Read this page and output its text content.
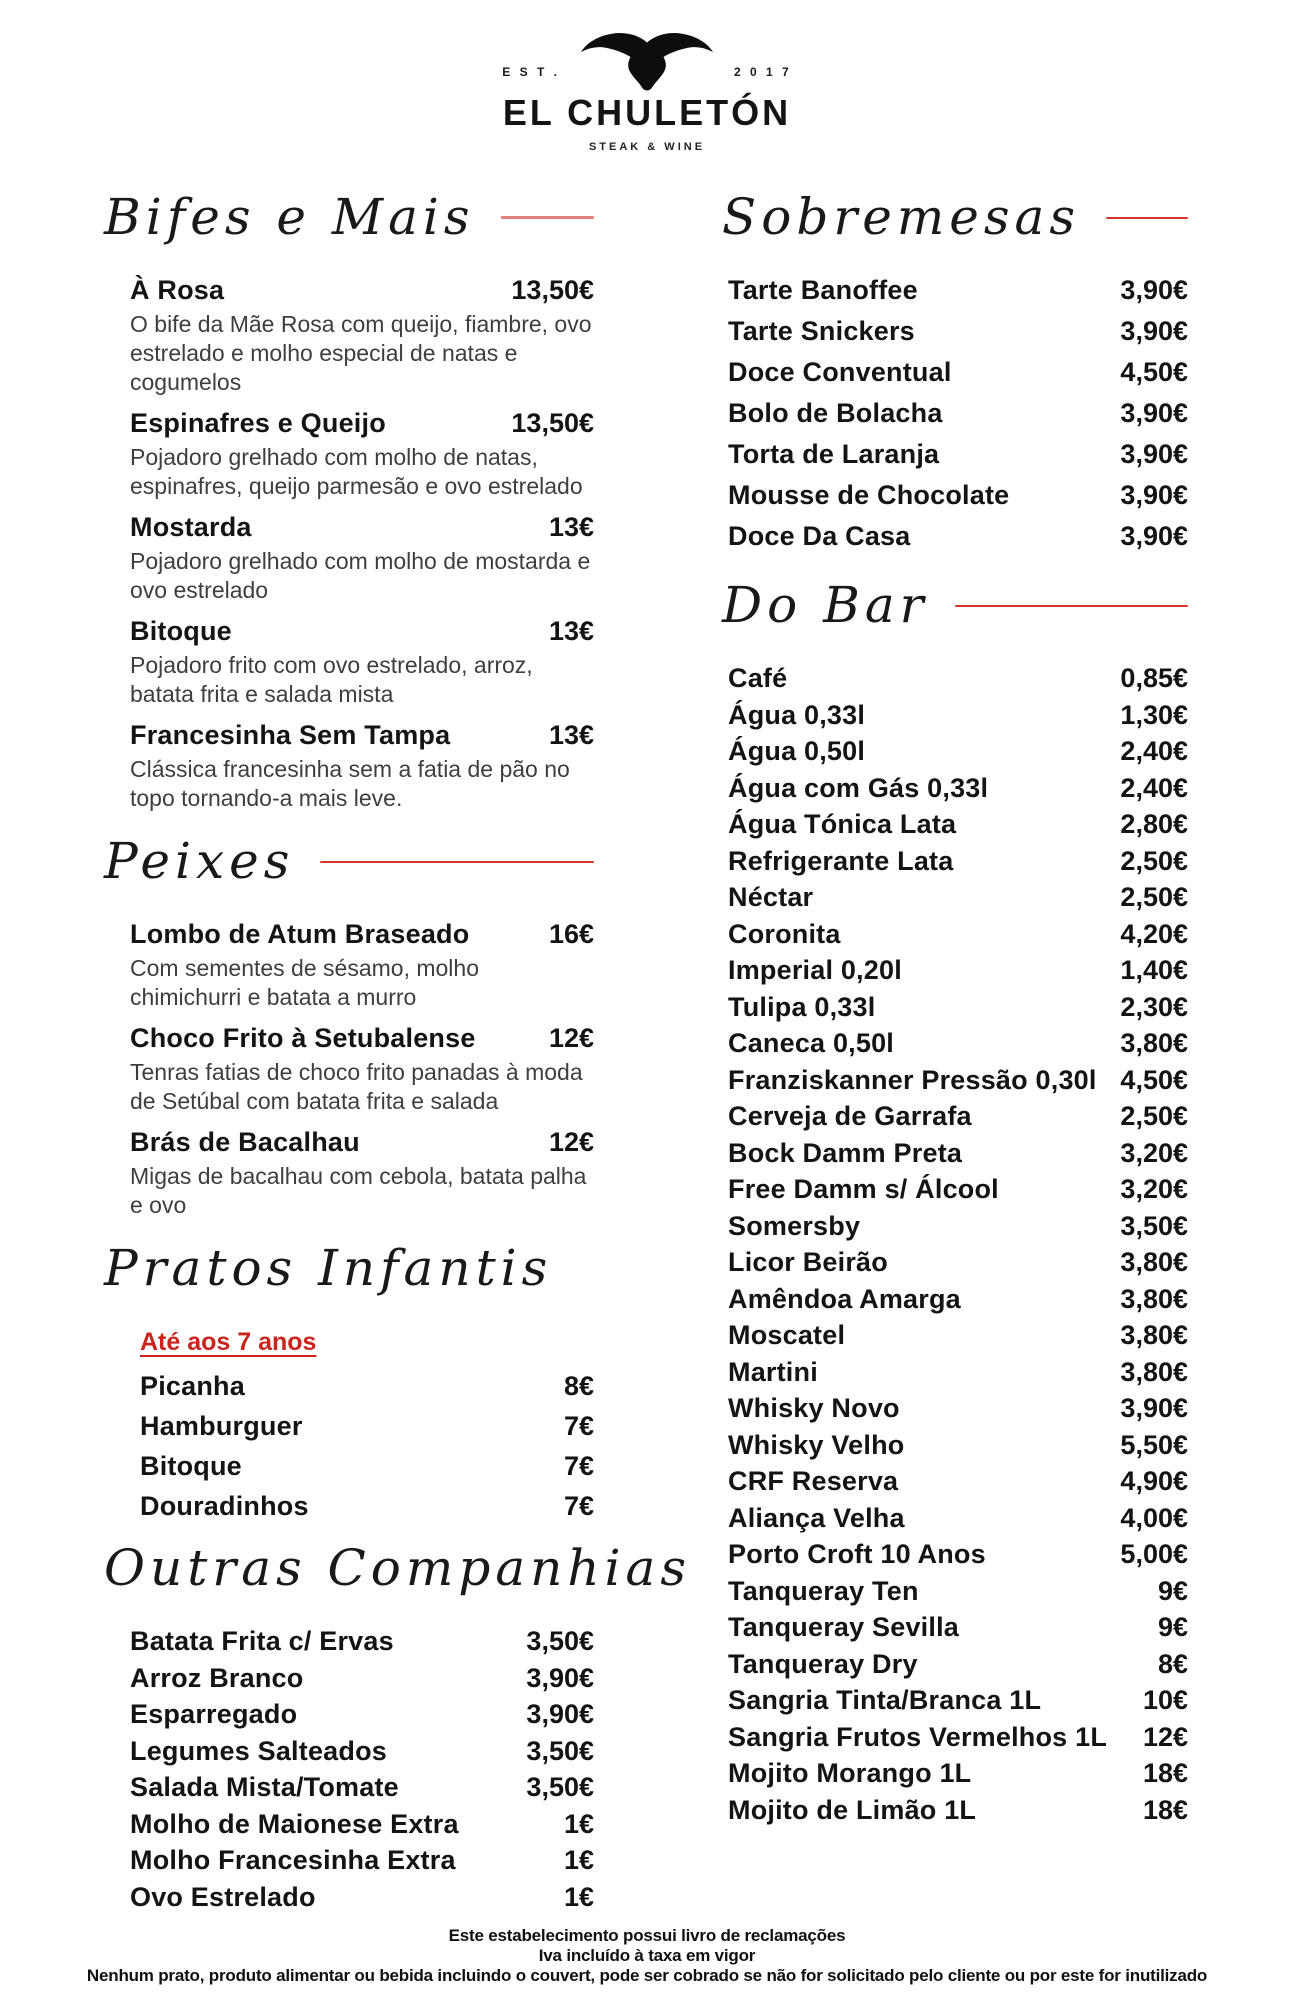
E S T .	2 0 1 7
EL CHULETÓN
STEAK & WINE
Bifes e Mais
À Rosa	13,50€

O bife da Mãe Rosa com queijo, fiambre, ovo estrelado e molho especial de natas e cogumelos

Espinafres e Queijo	13,50€

Pojadoro grelhado com molho de natas, espinafres, queijo parmesão e ovo estrelado

Mostarda	13€

Pojadoro grelhado com molho de mostarda e ovo estrelado

Bitoque	13€

Pojadoro frito com ovo estrelado, arroz, batata frita e salada mista

Francesinha Sem Tampa	13€

Clássica francesinha sem a fatia de pão no topo tornando-a mais leve.

Peixes
Lombo de Atum Braseado	16€

Com sementes de sésamo, molho chimichurri e batata a murro

Choco Frito à Setubalense	12€

Tenras fatias de choco frito panadas à moda de Setúbal com batata frita e salada

Brás de Bacalhau	12€

Migas de bacalhau com cebola, batata palha e ovo

Pratos Infantis
Até aos 7 anos
Picanha	8€
Hamburguer	7€
Bitoque	7€
Douradinhos	7€
Outras Companhias
Batata Frita c/ Ervas	3,50€
Arroz Branco	3,90€
Esparregado	3,90€
Legumes Salteados	3,50€
Salada Mista/Tomate	3,50€
Molho de Maionese Extra	1€
Molho Francesinha Extra	1€
Ovo Estrelado	1€
Sobremesas
Tarte Banoffee	3,90€
Tarte Snickers	3,90€
Doce Conventual	4,50€
Bolo de Bolacha	3,90€
Torta de Laranja	3,90€
Mousse de Chocolate	3,90€
Doce Da Casa	3,90€
Do Bar
Café	0,85€
Água 0,33l	1,30€
Água 0,50l	2,40€
Água com Gás 0,33l	2,40€
Água Tónica Lata	2,80€
Refrigerante Lata	2,50€
Néctar	2,50€
Coronita	4,20€
Imperial 0,20l	1,40€
Tulipa 0,33l	2,30€
Caneca 0,50l	3,80€
Franziskanner Pressão 0,30l 4,50€
Cerveja de Garrafa	2,50€
Bock Damm Preta	3,20€
Free Damm s/ Álcool	3,20€
Somersby	3,50€
Licor Beirão	3,80€
Amêndoa Amarga	3,80€
Moscatel	3,80€
Martini	3,80€
Whisky Novo	3,90€
Whisky Velho	5,50€
CRF Reserva	4,90€
Aliança Velha	4,00€
Porto Croft 10 Anos	5,00€
Tanqueray Ten	9€
Tanqueray Sevilla	9€
Tanqueray Dry	8€
Sangria Tinta/Branca 1L	10€
Sangria Frutos Vermelhos 1L 12€
Mojito Morango 1L	18€
Mojito de Limão 1L	18€

Este estabelecimento possui livro de reclamações

Iva incluído à taxa em vigor

Nenhum prato, produto alimentar ou bebida incluindo o couvert, pode ser cobrado se não for solicitado pelo cliente ou por este for inutilizado
